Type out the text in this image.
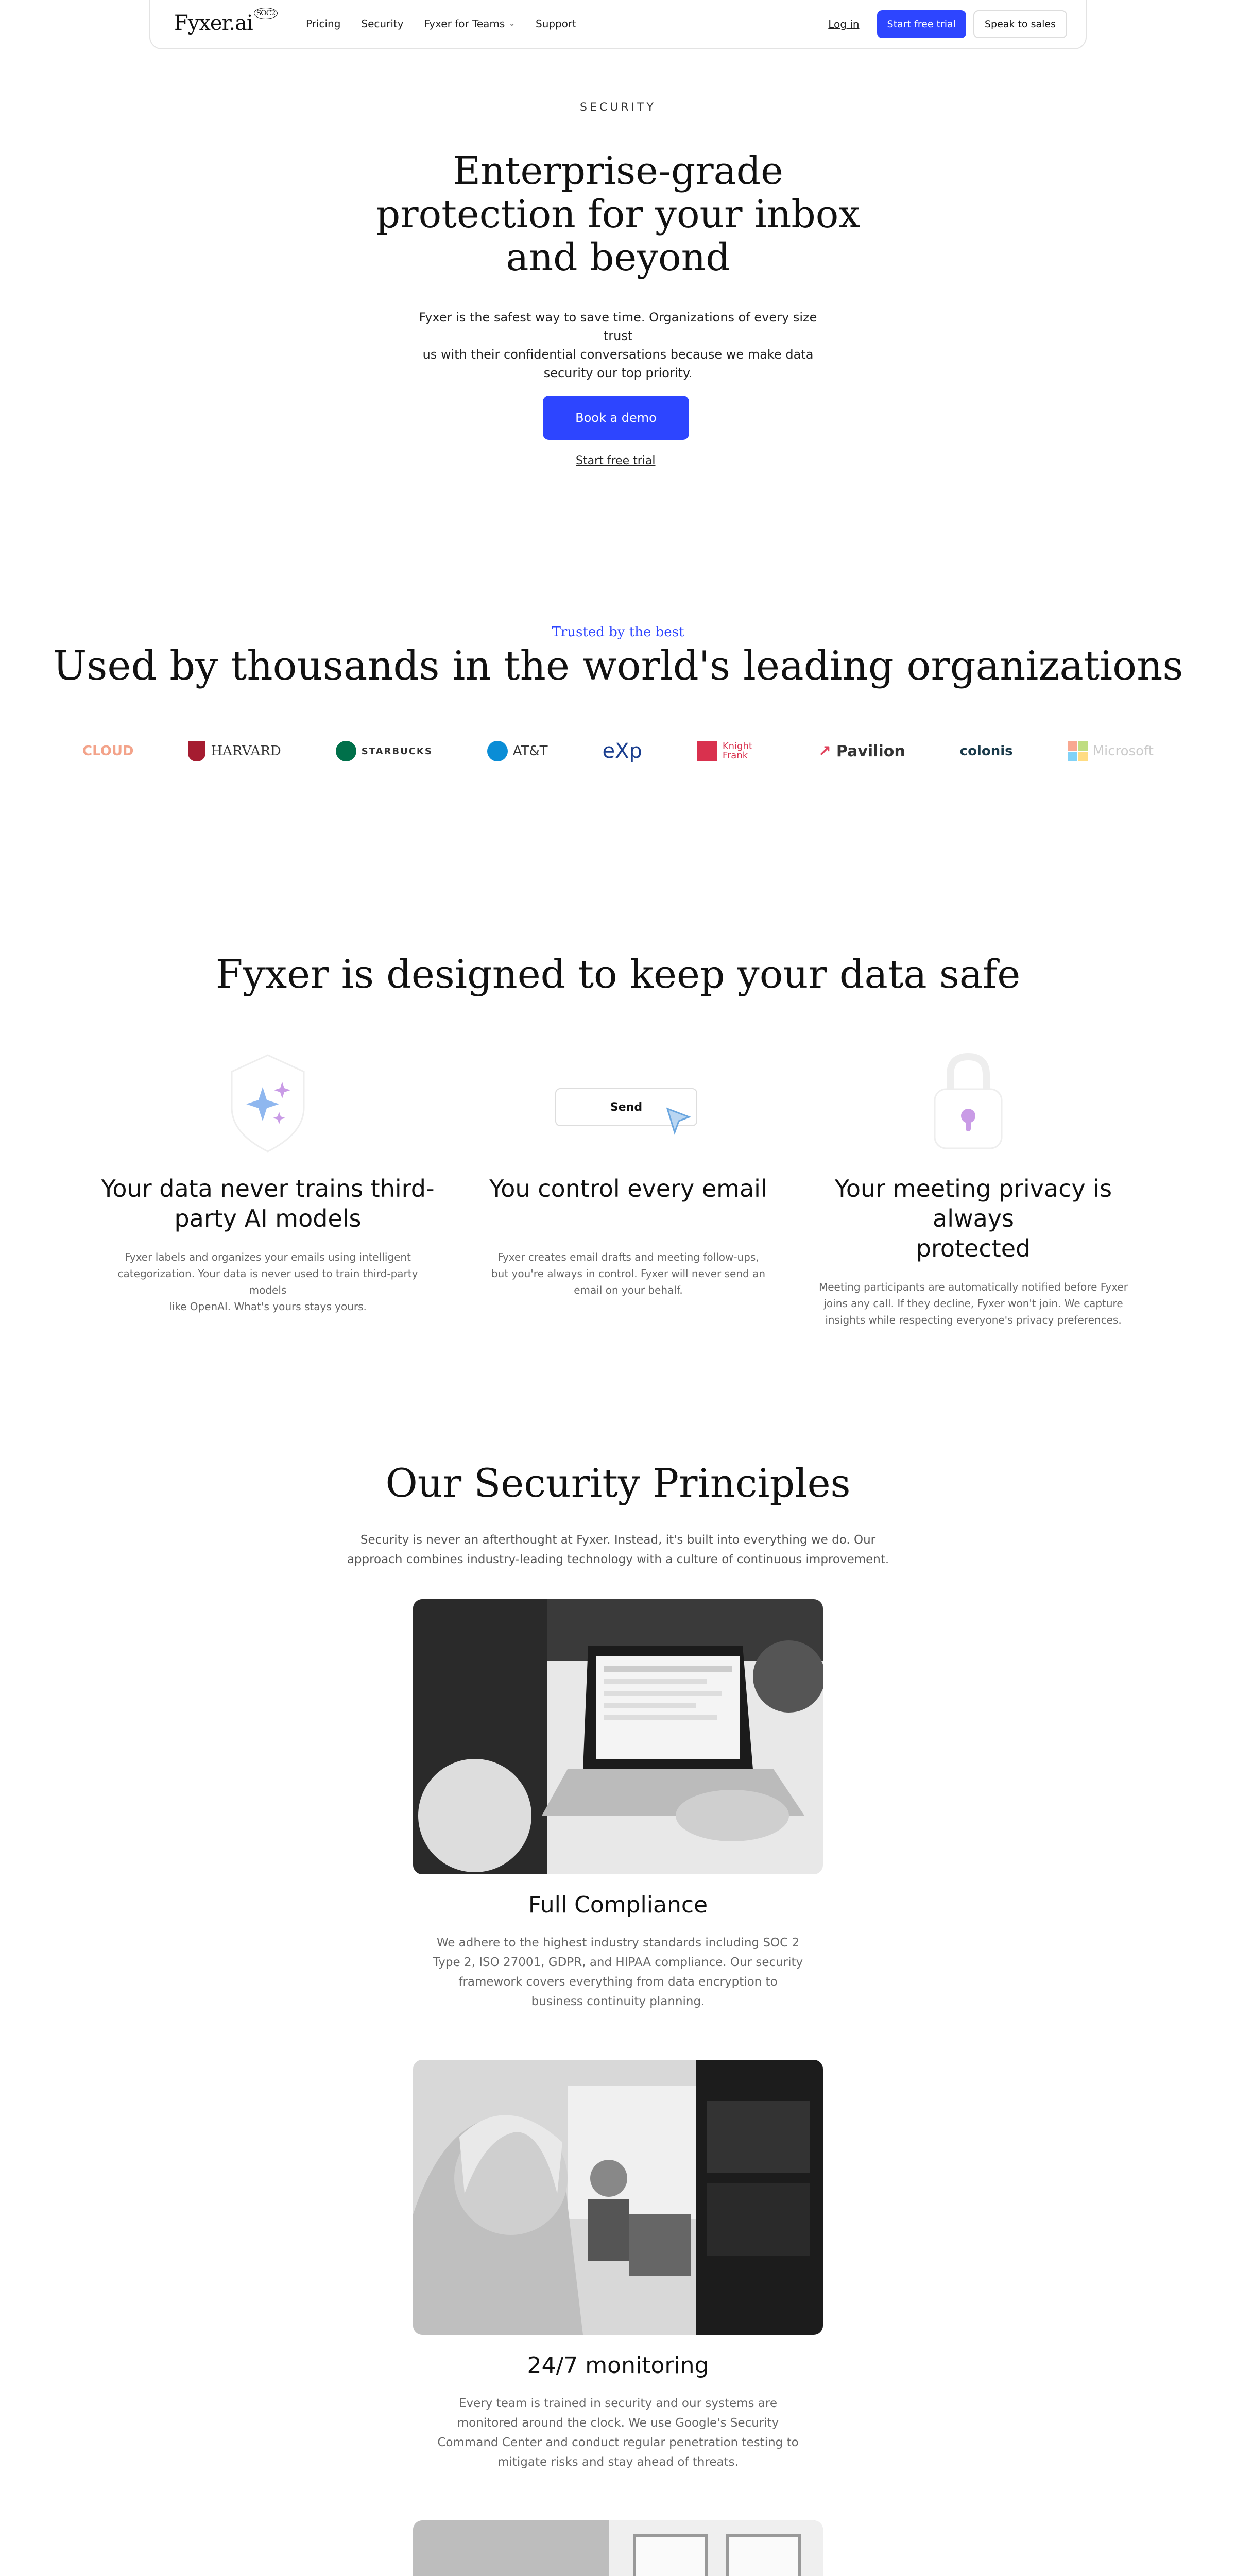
Fyxer.ai $^{SOC2}$
Pricing Security Fyxer for Teams ⌄ Support	Log in	Start free trial	Speak to sales
SECURITY
Enterprise-grade
protection for your inbox
and beyond
Fyxer is the safest way to save time. Organizations of every size trust
us with their confidential conversations because we make data
security our top priority.
Book a demo
Start free trial
Trusted by the best
Used by thousands in the world's leading organizations
CLOUD	HARVARD	STARBUCKS	AT&T	eXp	Knight Frank	↗ Pavilion	colonis	Microsoft
Fyxer is designed to keep your data safe
Send
Your data never trains third-
party AI models

Fyxer labels and organizes your emails using intelligent
categorization. Your data is never used to train third-party models
like OpenAI. What's yours stays yours.

You control every email

Fyxer creates email drafts and meeting follow-ups,
but you're always in control. Fyxer will never send an
email on your behalf.

Your meeting privacy is always
protected

Meeting participants are automatically notified before Fyxer
joins any call. If they decline, Fyxer won't join. We capture
insights while respecting everyone's privacy preferences.

Our Security Principles
Security is never an afterthought at Fyxer. Instead, it's built into everything we do. Our
approach combines industry-leading technology with a culture of continuous improvement.
Full Compliance
We adhere to the highest industry standards including SOC 2
Type 2, ISO 27001, GDPR, and HIPAA compliance. Our security
framework covers everything from data encryption to
business continuity planning.
24/7 monitoring
Every team is trained in security and our systems are
monitored around the clock. We use Google's Security
Command Center and conduct regular penetration testing to
mitigate risks and stay ahead of threats.
